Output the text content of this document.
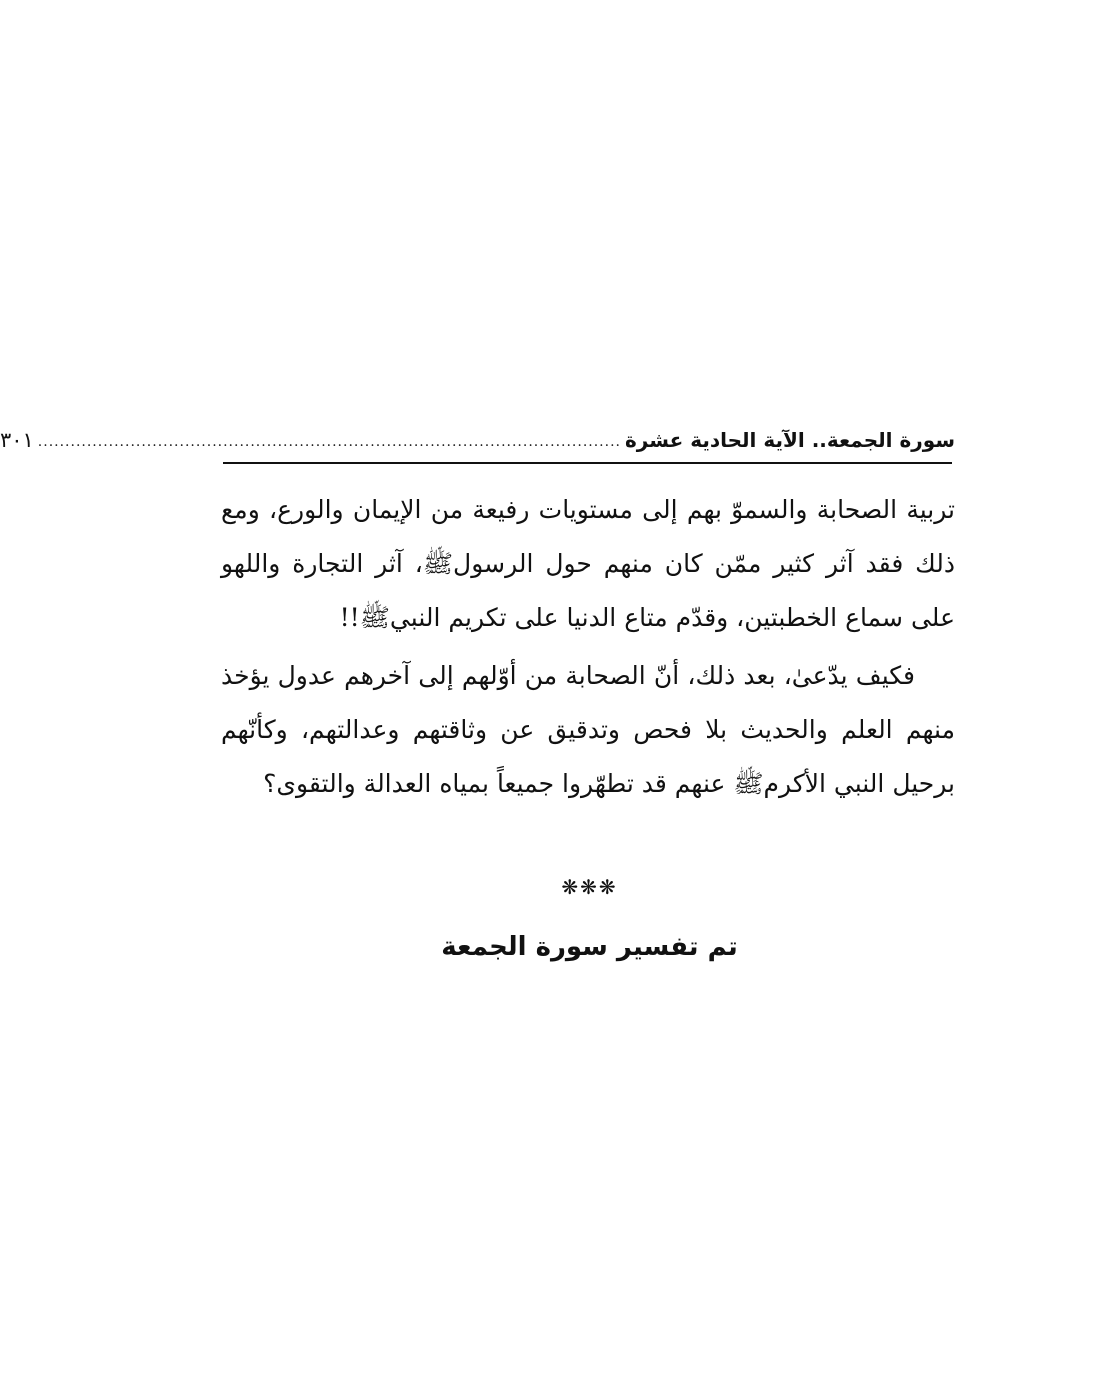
سورة الجمعة.. الآية الحادية عشرة
...........................................................................................................
٣٠١

تربية الصحابة والسموّ بهم إلى مستويات رفيعة من الإيمان والورع، ومع ذلك فقد آثر كثير ممّن كان منهم حول الرسولﷺ، آثر التجارة واللهو على سماع الخطبتين، وقدّم متاع الدنيا على تكريم النبيﷺ!!

فكيف يدّعىٰ، بعد ذلك، أنّ الصحابة من أوّلهم إلى آخرهم عدول يؤخذ منهم العلم والحديث بلا فحص وتدقيق عن وثاقتهم وعدالتهم، وكأنّهم برحيل النبي الأكرمﷺ عنهم قد تطهّروا جميعاً بمياه العدالة والتقوى؟

❋❋❋
تم تفسير سورة الجمعة
